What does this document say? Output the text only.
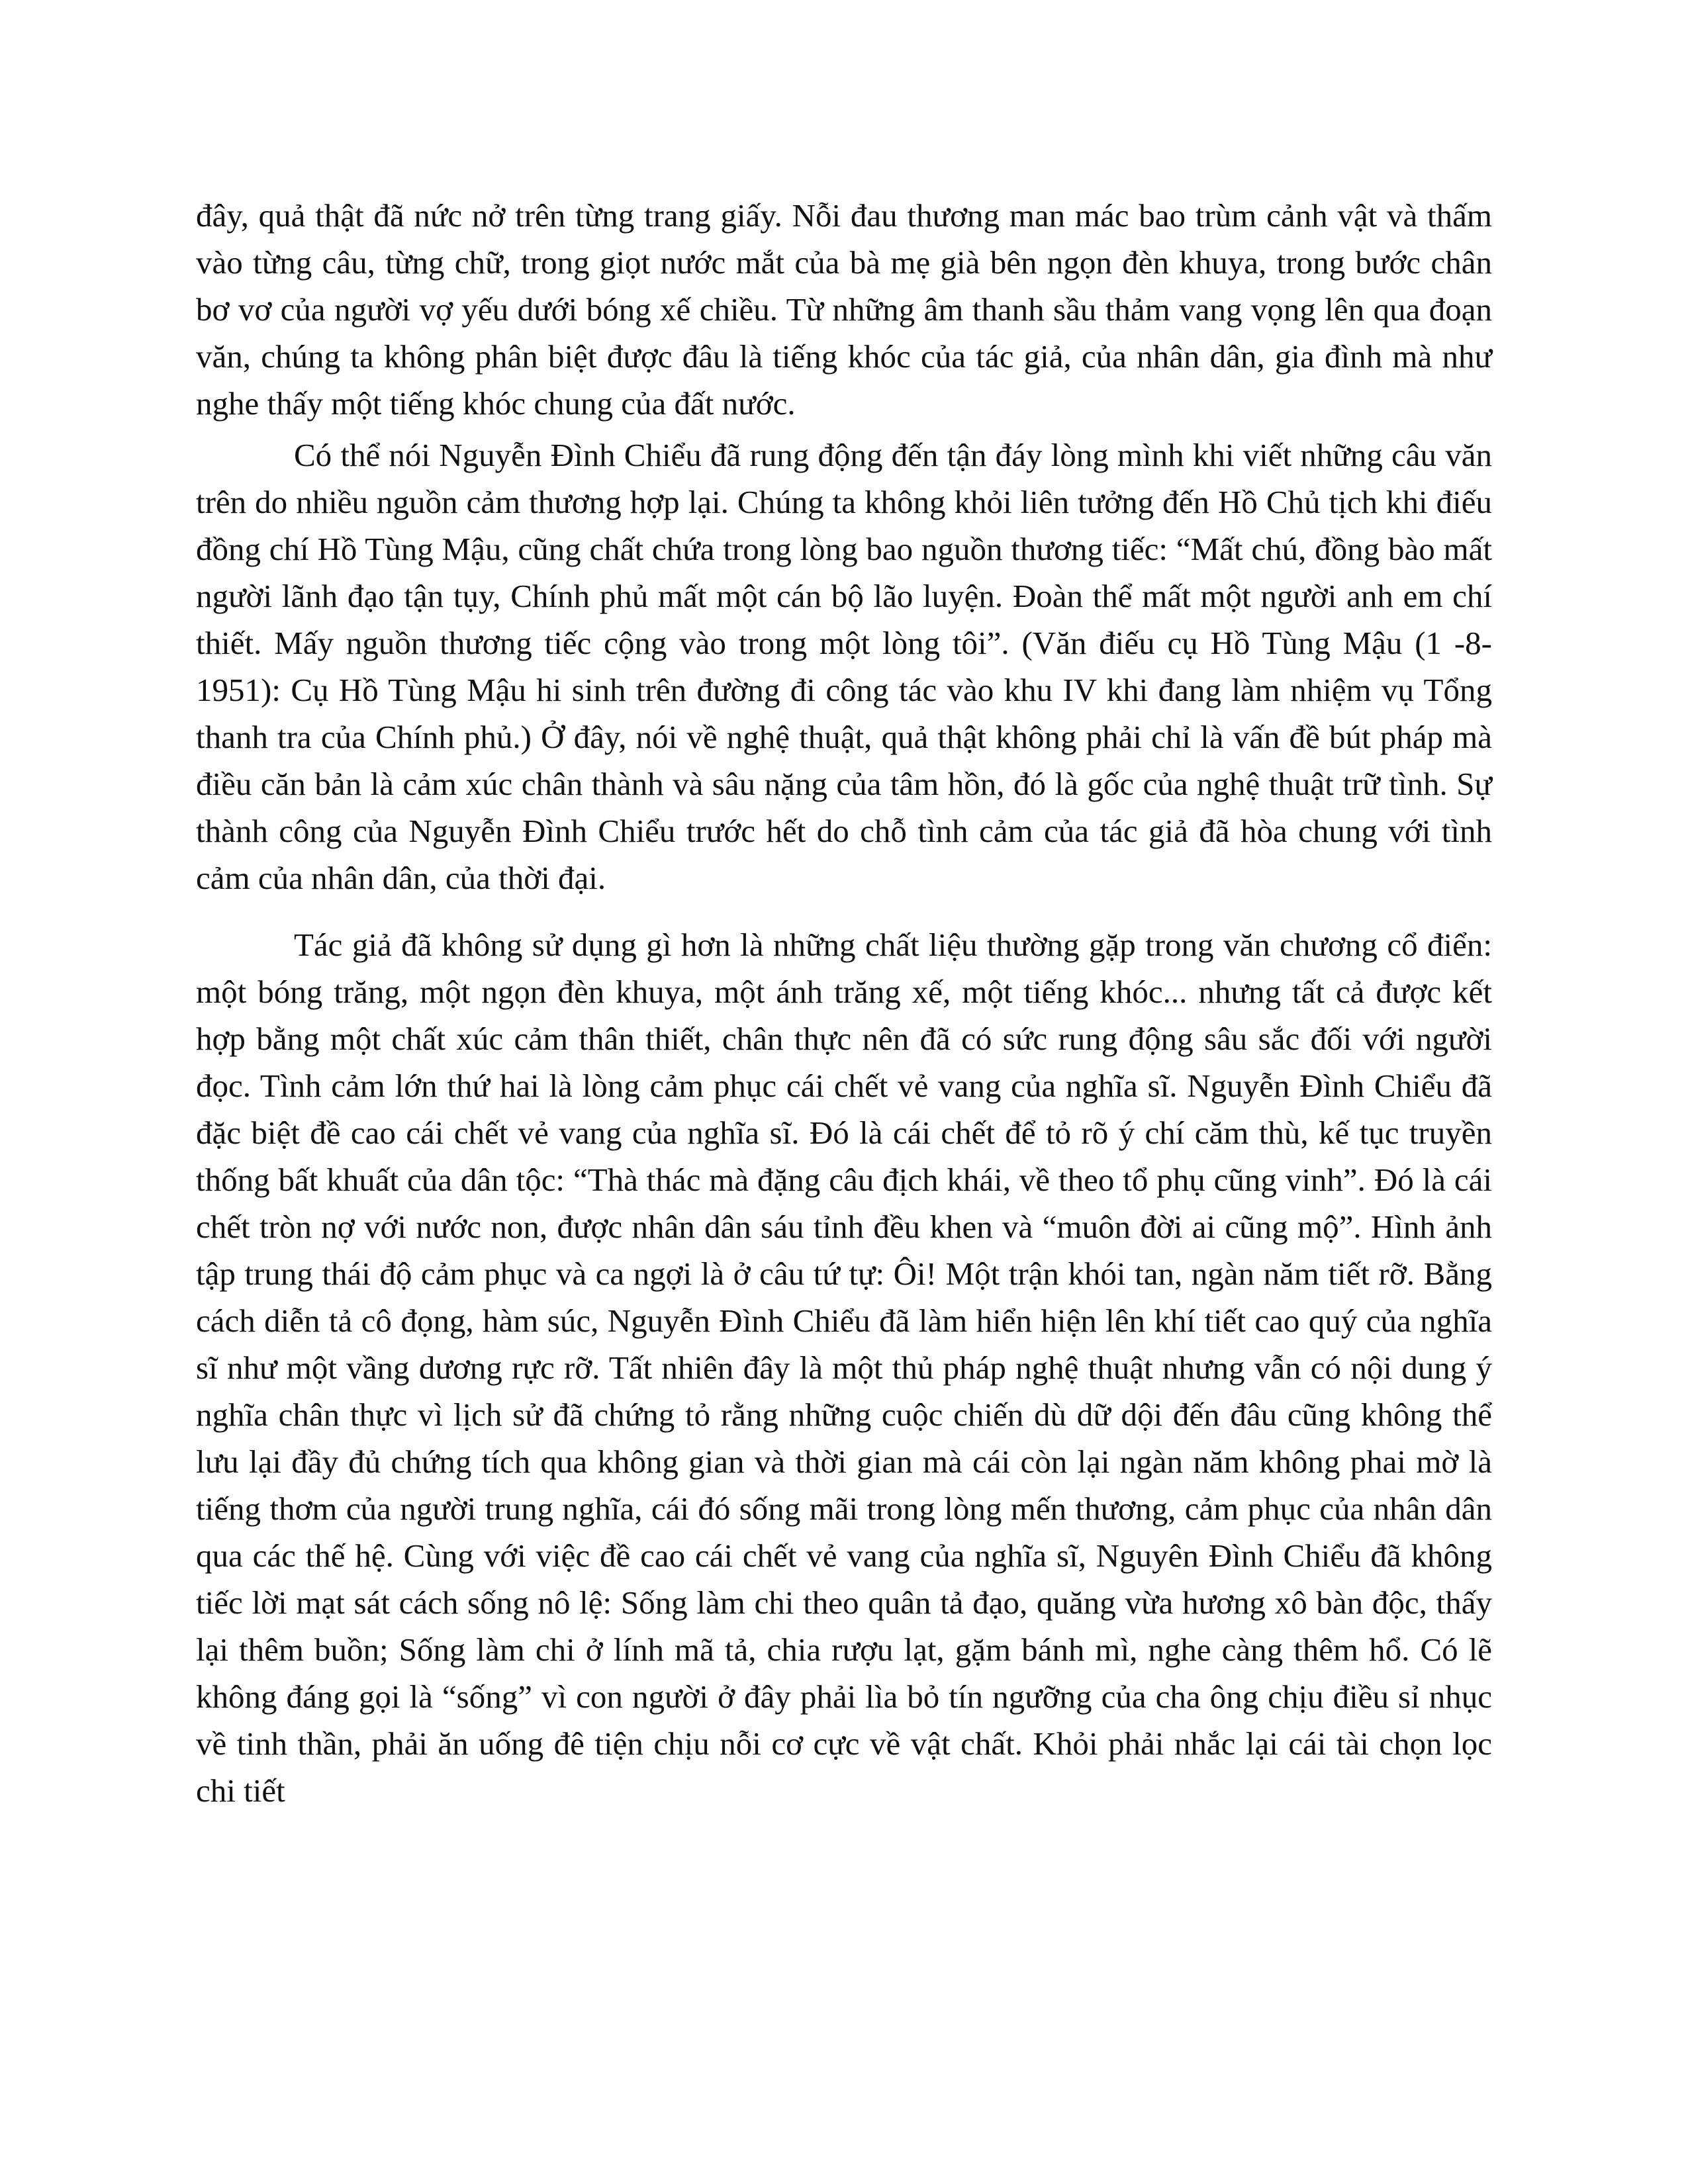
đây, quả thật đã nức nở trên từng trang giấy. Nỗi đau thương man mác bao trùm cảnh vật và thấm vào từng câu, từng chữ, trong giọt nước mắt của bà mẹ già bên ngọn đèn khuya, trong bước chân bơ vơ của người vợ yếu dưới bóng xế chiều. Từ những âm thanh sầu thảm vang vọng lên qua đoạn văn, chúng ta không phân biệt được đâu là tiếng khóc của tác giả, của nhân dân, gia đình mà như nghe thấy một tiếng khóc chung của đất nước.

Có thể nói Nguyễn Đình Chiểu đã rung động đến tận đáy lòng mình khi viết những câu văn trên do nhiều nguồn cảm thương hợp lại. Chúng ta không khỏi liên tưởng đến Hồ Chủ tịch khi điếu đồng chí Hồ Tùng Mậu, cũng chất chứa trong lòng bao nguồn thương tiếc: “Mất chú, đồng bào mất người lãnh đạo tận tụy, Chính phủ mất một cán bộ lão luyện. Đoàn thể mất một người anh em chí thiết. Mấy nguồn thương tiếc cộng vào trong một lòng tôi”. (Văn điếu cụ Hồ Tùng Mậu (1 -8-1951): Cụ Hồ Tùng Mậu hi sinh trên đường đi công tác vào khu IV khi đang làm nhiệm vụ Tổng thanh tra của Chính phủ.) Ở đây, nói về nghệ thuật, quả thật không phải chỉ là vấn đề bút pháp mà điều căn bản là cảm xúc chân thành và sâu nặng của tâm hồn, đó là gốc của nghệ thuật trữ tình. Sự thành công của Nguyễn Đình Chiểu trước hết do chỗ tình cảm của tác giả đã hòa chung với tình cảm của nhân dân, của thời đại.

Tác giả đã không sử dụng gì hơn là những chất liệu thường gặp trong văn chương cổ điển: một bóng trăng, một ngọn đèn khuya, một ánh trăng xế, một tiếng khóc... nhưng tất cả được kết hợp bằng một chất xúc cảm thân thiết, chân thực nên đã có sức rung động sâu sắc đối với người đọc. Tình cảm lớn thứ hai là lòng cảm phục cái chết vẻ vang của nghĩa sĩ. Nguyễn Đình Chiểu đã đặc biệt đề cao cái chết vẻ vang của nghĩa sĩ. Đó là cái chết để tỏ rõ ý chí căm thù, kế tục truyền thống bất khuất của dân tộc: “Thà thác mà đặng câu địch khái, về theo tổ phụ cũng vinh”. Đó là cái chết tròn nợ với nước non, được nhân dân sáu tỉnh đều khen và “muôn đời ai cũng mộ”. Hình ảnh tập trung thái độ cảm phục và ca ngợi là ở câu tứ tự: Ôi! Một trận khói tan, ngàn năm tiết rỡ. Bằng cách diễn tả cô đọng, hàm súc, Nguyễn Đình Chiểu đã làm hiển hiện lên khí tiết cao quý của nghĩa sĩ như một vầng dương rực rỡ. Tất nhiên đây là một thủ pháp nghệ thuật nhưng vẫn có nội dung ý nghĩa chân thực vì lịch sử đã chứng tỏ rằng những cuộc chiến dù dữ dội đến đâu cũng không thể lưu lại đầy đủ chứng tích qua không gian và thời gian mà cái còn lại ngàn năm không phai mờ là tiếng thơm của người trung nghĩa, cái đó sống mãi trong lòng mến thương, cảm phục của nhân dân qua các thế hệ. Cùng với việc đề cao cái chết vẻ vang của nghĩa sĩ, Nguyên Đình Chiểu đã không tiếc lời mạt sát cách sống nô lệ: Sống làm chi theo quân tả đạo, quăng vừa hương xô bàn độc, thấy lại thêm buồn; Sống làm chi ở lính mã tả, chia rượu lạt, gặm bánh mì, nghe càng thêm hổ. Có lẽ không đáng gọi là “sống” vì con người ở đây phải lìa bỏ tín ngưỡng của cha ông chịu điều sỉ nhục về tinh thần, phải ăn uống đê tiện chịu nỗi cơ cực về vật chất. Khỏi phải nhắc lại cái tài chọn lọc chi tiết
